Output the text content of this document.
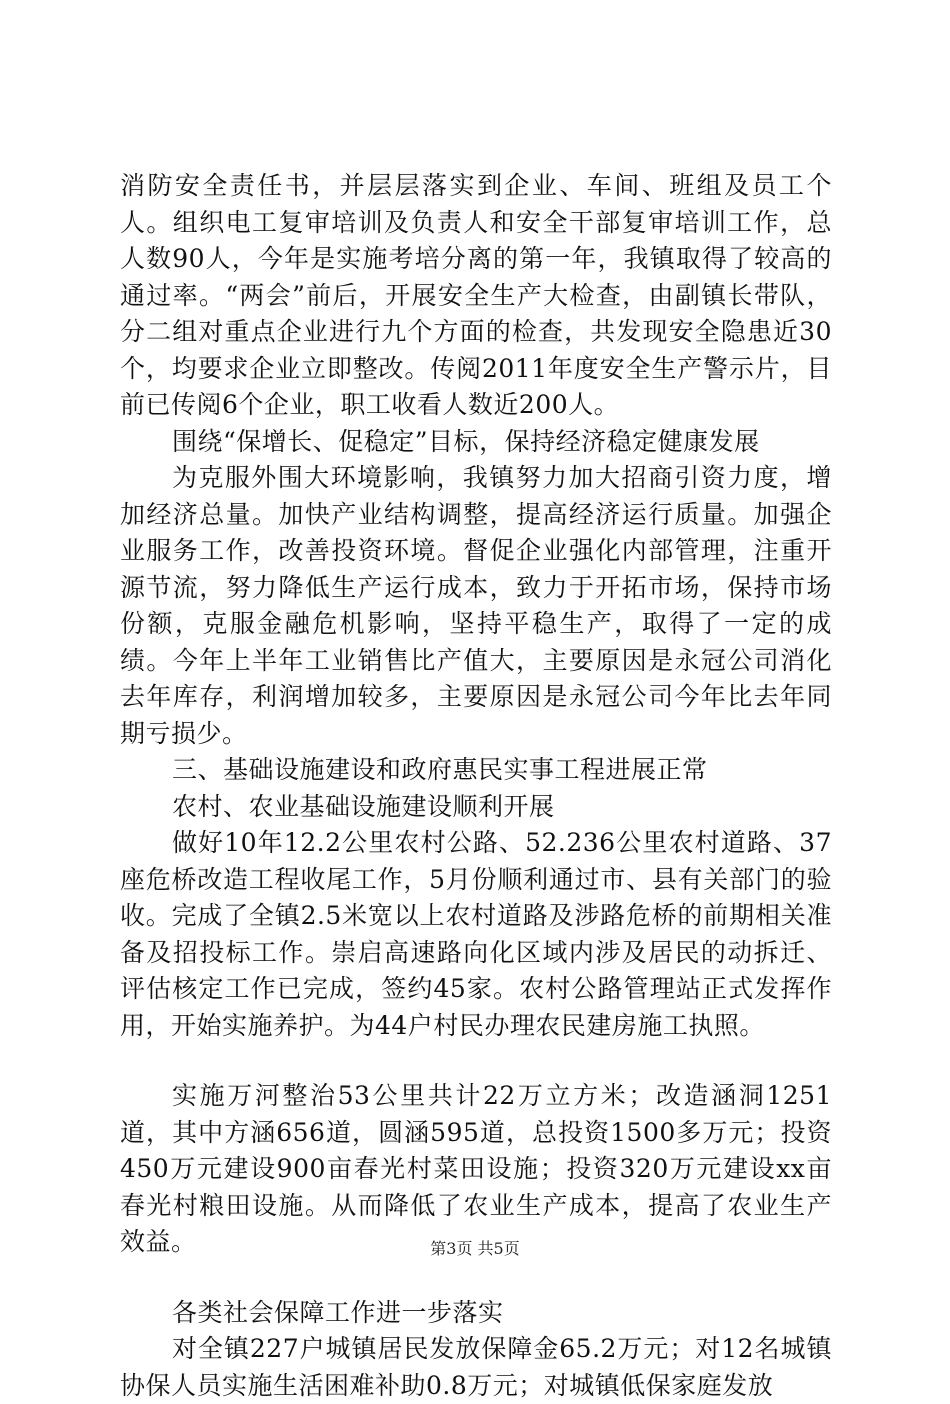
消防安全责任书，并层层落实到企业、车间、班组及员工个人。组织电工复审培训及负责人和安全干部复审培训工作，总人数90人，今年是实施考培分离的第一年，我镇取得了较高的通过率。“两会”前后，开展安全生产大检查，由副镇长带队，分二组对重点企业进行九个方面的检查，共发现安全隐患近30个，均要求企业立即整改。传阅2011年度安全生产警示片，目前已传阅6个企业，职工收看人数近200人。

围绕“保增长、促稳定”目标，保持经济稳定健康发展

为克服外围大环境影响，我镇努力加大招商引资力度，增加经济总量。加快产业结构调整，提高经济运行质量。加强企业服务工作，改善投资环境。督促企业强化内部管理，注重开源节流，努力降低生产运行成本，致力于开拓市场，保持市场份额，克服金融危机影响，坚持平稳生产，取得了一定的成绩。今年上半年工业销售比产值大，主要原因是永冠公司消化去年库存，利润增加较多，主要原因是永冠公司今年比去年同期亏损少。

三、基础设施建设和政府惠民实事工程进展正常

农村、农业基础设施建设顺利开展

做好10年12.2公里农村公路、52.236公里农村道路、37座危桥改造工程收尾工作，5月份顺利通过市、县有关部门的验收。完成了全镇2.5米宽以上农村道路及涉路危桥的前期相关准备及招投标工作。崇启高速路向化区域内涉及居民的动拆迁、评估核定工作已完成，签约45家。农村公路管理站正式发挥作用，开始实施养护。为44户村民办理农民建房施工执照。

实施万河整治53公里共计22万立方米；改造涵洞1251道，其中方涵656道，圆涵595道，总投资1500多万元；投资450万元建设900亩春光村菜田设施；投资320万元建设xx亩春光村粮田设施。从而降低了农业生产成本，提高了农业生产效益。

各类社会保障工作进一步落实

对全镇227户城镇居民发放保障金65.2万元；对12名城镇协保人员实施生活困难补助0.8万元；对城镇低保家庭发放

第3页 共5页
